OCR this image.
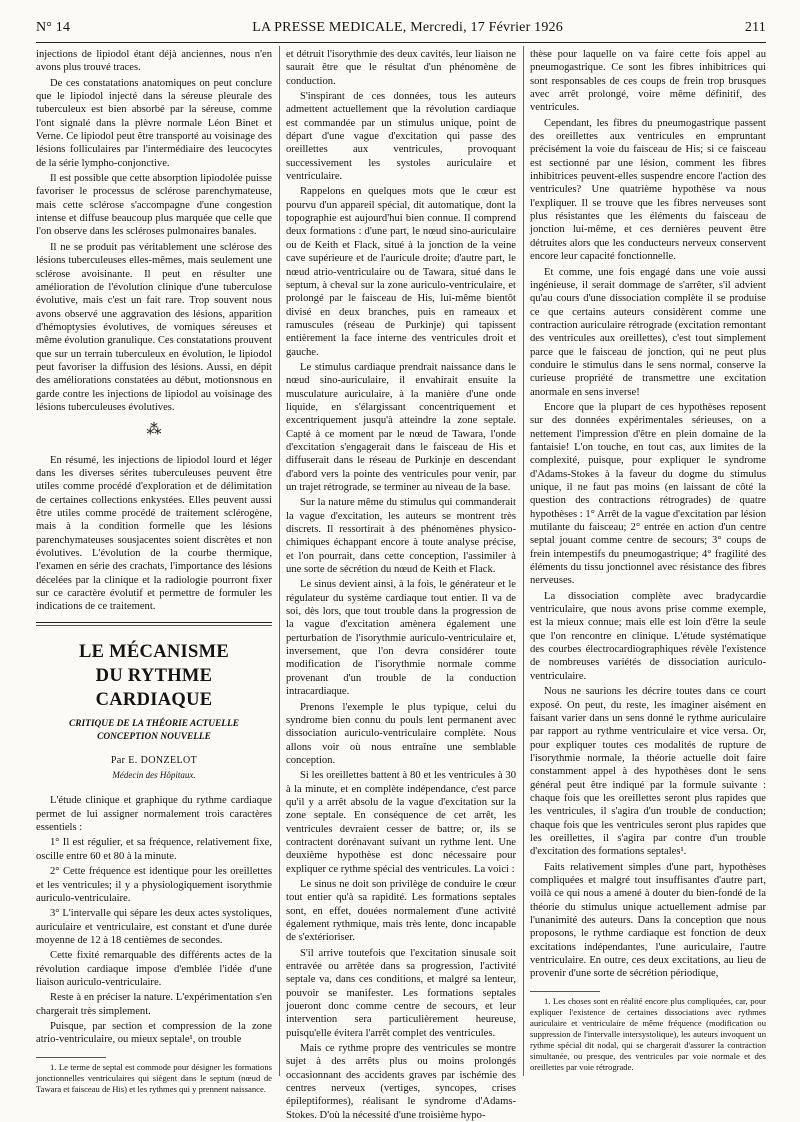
N° 14	LA PRESSE MEDICALE, Mercredi, 17 Février 1926	211

injections de lipiodol étant déjà anciennes, nous n'en avons plus trouvé traces.

De ces constatations anatomiques on peut conclure que le lipiodol injecté dans la séreuse pleurale des tuberculeux est bien absorbé par la séreuse, comme l'ont signalé dans la plèvre normale Léon Binet et Verne. Ce lipiodol peut être transporté au voisinage des lésions folliculaires par l'intermédiaire des leucocytes de la série lympho-conjonctive.

Il est possible que cette absorption lipiodolée puisse favoriser le processus de sclérose parenchymateuse, mais cette sclérose s'accompagne d'une congestion intense et diffuse beaucoup plus marquée que celle que l'on observe dans les scléroses pulmonaires banales.

Il ne se produit pas véritablement une sclérose des lésions tuberculeuses elles-mêmes, mais seulement une sclérose avoisinante. Il peut en résulter une amélioration de l'évolution clinique d'une tuberculose évolutive, mais c'est un fait rare. Trop souvent nous avons observé une aggravation des lésions, apparition d'hémoptysies évolutives, de vomiques séreuses et même évolution granulique. Ces constatations prouvent que sur un terrain tuberculeux en évolution, le lipiodol peut favoriser la diffusion des lésions. Aussi, en dépit des améliorations constatées au début, motionsnous en garde contre les injections de lipiodol au voisinage des lésions tuberculeuses évolutives.

⁂

En résumé, les injections de lipiodol lourd et léger dans les diverses sérites tuberculeuses peuvent être utiles comme procédé d'exploration et de délimitation de certaines collections enkystées. Elles peuvent aussi être utiles comme procédé de traitement sclérogène, mais à la condition formelle que les lésions parenchymateuses sousjacentes soient discrètes et non évolutives. L'évolution de la courbe thermique, l'examen en série des crachats, l'importance des lésions décelées par la clinique et la radiologie pourront fixer sur ce caractère évolutif et permettre de formuler les indications de ce traitement.

LE MÉCANISME
DU RYTHME CARDIAQUE
CRITIQUE DE LA THÉORIE ACTUELLE
CONCEPTION NOUVELLE
Par E. DONZELOT
Médecin des Hôpitaux.

L'étude clinique et graphique du rythme cardiaque permet de lui assigner normalement trois caractères essentiels :

1° Il est régulier, et sa fréquence, relativement fixe, oscille entre 60 et 80 à la minute.

2° Cette fréquence est identique pour les oreillettes et les ventricules; il y a physiologiquement isorythmie auriculo-ventriculaire.

3° L'intervalle qui sépare les deux actes systoliques, auriculaire et ventriculaire, est constant et d'une durée moyenne de 12 à 18 centièmes de secondes.

Cette fixité remarquable des différents actes de la révolution cardiaque impose d'emblée l'idée d'une liaison auriculo-ventriculaire.

Reste à en préciser la nature. L'expérimentation s'en chargerait très simplement.

Puisque, par section et compression de la zone atrio-ventriculaire, ou mieux septale¹, on trouble

1. Le terme de septal est commode pour désigner les formations jonctionnelles ventriculaires qui siègent dans le septum (nœud de Tawara et faisceau de His) et les rythmes qui y prennent naissance.

et détruit l'isorythmie des deux cavités, leur liaison ne saurait être que le résultat d'un phénomène de conduction.

S'inspirant de ces données, tous les auteurs admettent actuellement que la révolution cardiaque est commandée par un stimulus unique, point de départ d'une vague d'excitation qui passe des oreillettes aux ventricules, provoquant successivement les systoles auriculaire et ventriculaire.

Rappelons en quelques mots que le cœur est pourvu d'un appareil spécial, dit automatique, dont la topographie est aujourd'hui bien connue. Il comprend deux formations : d'une part, le nœud sino-auriculaire ou de Keith et Flack, situé à la jonction de la veine cave supérieure et de l'auricule droite; d'autre part, le nœud atrio-ventriculaire ou de Tawara, situé dans le septum, à cheval sur la zone auriculo-ventriculaire, et prolongé par le faisceau de His, lui-même bientôt divisé en deux branches, puis en rameaux et ramuscules (réseau de Purkinje) qui tapissent entièrement la face interne des ventricules droit et gauche.

Le stimulus cardiaque prendrait naissance dans le nœud sino-auriculaire, il envahirait ensuite la musculature auriculaire, à la manière d'une onde liquide, en s'élargissant concentriquement et excentriquement jusqu'à atteindre la zone septale. Capté à ce moment par le nœud de Tawara, l'onde d'excitation s'engagerait dans le faisceau de His et diffuserait dans le réseau de Purkinje en descendant d'abord vers la pointe des ventricules pour venir, par un trajet rétrograde, se terminer au niveau de la base.

Sur la nature même du stimulus qui commanderait la vague d'excitation, les auteurs se montrent très discrets. Il ressortirait à des phénomènes physico-chimiques échappant encore à toute analyse précise, et l'on pourrait, dans cette conception, l'assimiler à une sorte de sécrétion du nœud de Keith et Flack.

Le sinus devient ainsi, à la fois, le générateur et le régulateur du système cardiaque tout entier. Il va de soi, dès lors, que tout trouble dans la progression de la vague d'excitation amènera également une perturbation de l'isorythmie auriculo-ventriculaire et, inversement, que l'on devra considérer toute modification de l'isorythmie normale comme provenant d'un trouble de la conduction intracardiaque.

Prenons l'exemple le plus typique, celui du syndrome bien connu du pouls lent permanent avec dissociation auriculo-ventriculaire complète. Nous allons voir où nous entraîne une semblable conception.

Si les oreillettes battent à 80 et les ventricules à 30 à la minute, et en complète indépendance, c'est parce qu'il y a arrêt absolu de la vague d'excitation sur la zone septale. En conséquence de cet arrêt, les ventricules devraient cesser de battre; or, ils se contractent dorénavant suivant un rythme lent. Une deuxième hypothèse est donc nécessaire pour expliquer ce rythme spécial des ventricules. La voici :

Le sinus ne doit son privilège de conduire le cœur tout entier qu'à sa rapidité. Les formations septales sont, en effet, douées normalement d'une activité également rythmique, mais très lente, donc incapable de s'extérioriser.

S'il arrive toutefois que l'excitation sinusale soit entravée ou arrêtée dans sa progression, l'activité septale va, dans ces conditions, et malgré sa lenteur, pouvoir se manifester. Les formations septales joueront donc comme centre de secours, et leur intervention sera particulièrement heureuse, puisqu'elle évitera l'arrêt complet des ventricules.

Mais ce rythme propre des ventricules se montre sujet à des arrêts plus ou moins prolongés occasionnant des accidents graves par ischémie des centres nerveux (vertiges, syncopes, crises épileptiformes), réalisant le syndrome d'Adams-Stokes. D'où la nécessité d'une troisième hypo-

thèse pour laquelle on va faire cette fois appel au pneumogastrique. Ce sont les fibres inhibitrices qui sont responsables de ces coups de frein trop brusques avec arrêt prolongé, voire même définitif, des ventricules.

Cependant, les fibres du pneumogastrique passent des oreillettes aux ventricules en empruntant précisément la voie du faisceau de His; si ce faisceau est sectionné par une lésion, comment les fibres inhibitrices peuvent-elles suspendre encore l'action des ventricules? Une quatrième hypothèse va nous l'expliquer. Il se trouve que les fibres nerveuses sont plus résistantes que les éléments du faisceau de jonction lui-même, et ces dernières peuvent être détruites alors que les conducteurs nerveux conservent encore leur capacité fonctionnelle.

Et comme, une fois engagé dans une voie aussi ingénieuse, il serait dommage de s'arrêter, s'il advient qu'au cours d'une dissociation complète il se produise ce que certains auteurs considèrent comme une contraction auriculaire rétrograde (excitation remontant des ventricules aux oreillettes), c'est tout simplement parce que le faisceau de jonction, qui ne peut plus conduire le stimulus dans le sens normal, conserve la curieuse propriété de transmettre une excitation anormale en sens inverse!

Encore que la plupart de ces hypothèses reposent sur des données expérimentales sérieuses, on a nettement l'impression d'être en plein domaine de la fantaisie! L'on touche, en tout cas, aux limites de la complexité, puisque, pour expliquer le syndrome d'Adams-Stokes à la faveur du dogme du stimulus unique, il ne faut pas moins (en laissant de côté la question des contractions rétrogrades) de quatre hypothèses : 1° Arrêt de la vague d'excitation par lésion mutilante du faisceau; 2° entrée en action d'un centre septal jouant comme centre de secours; 3° coups de frein intempestifs du pneumogastrique; 4° fragilité des éléments du tissu jonctionnel avec résistance des fibres nerveuses.

La dissociation complète avec bradycardie ventriculaire, que nous avons prise comme exemple, est la mieux connue; mais elle est loin d'être la seule que l'on rencontre en clinique. L'étude systématique des courbes électrocardiographiques révèle l'existence de nombreuses variétés de dissociation auriculo-ventriculaire.

Nous ne saurions les décrire toutes dans ce court exposé. On peut, du reste, les imaginer aisément en faisant varier dans un sens donné le rythme auriculaire par rapport au rythme ventriculaire et vice versa. Or, pour expliquer toutes ces modalités de rupture de l'isorythmie normale, la théorie actuelle doit faire constamment appel à des hypothèses dont le sens général peut être indiqué par la formule suivante : chaque fois que les oreillettes seront plus rapides que les ventricules, il s'agira d'un trouble de conduction; chaque fois que les ventricules seront plus rapides que les oreillettes, il s'agira par contre d'un trouble d'excitation des formations septales¹.

Faits relativement simples d'une part, hypothèses compliquées et malgré tout insuffisantes d'autre part, voilà ce qui nous a amené à douter du bien-fondé de la théorie du stimulus unique actuellement admise par l'unanimité des auteurs. Dans la conception que nous proposons, le rythme cardiaque est fonction de deux excitations indépendantes, l'une auriculaire, l'autre ventriculaire. En outre, ces deux excitations, au lieu de provenir d'une sorte de sécrétion périodique,

1. Les choses sont en réalité encore plus compliquées, car, pour expliquer l'existence de certaines dissociations avec rythmes auriculaire et ventriculaire de même fréquence (modification ou suppression de l'intervalle intersystolique), les auteurs invoquent un rythme spécial dit nodal, qui se chargerait d'assurer la contraction simultanée, ou presque, des ventricules par voie normale et des oreillettes par voie rétrograde.
